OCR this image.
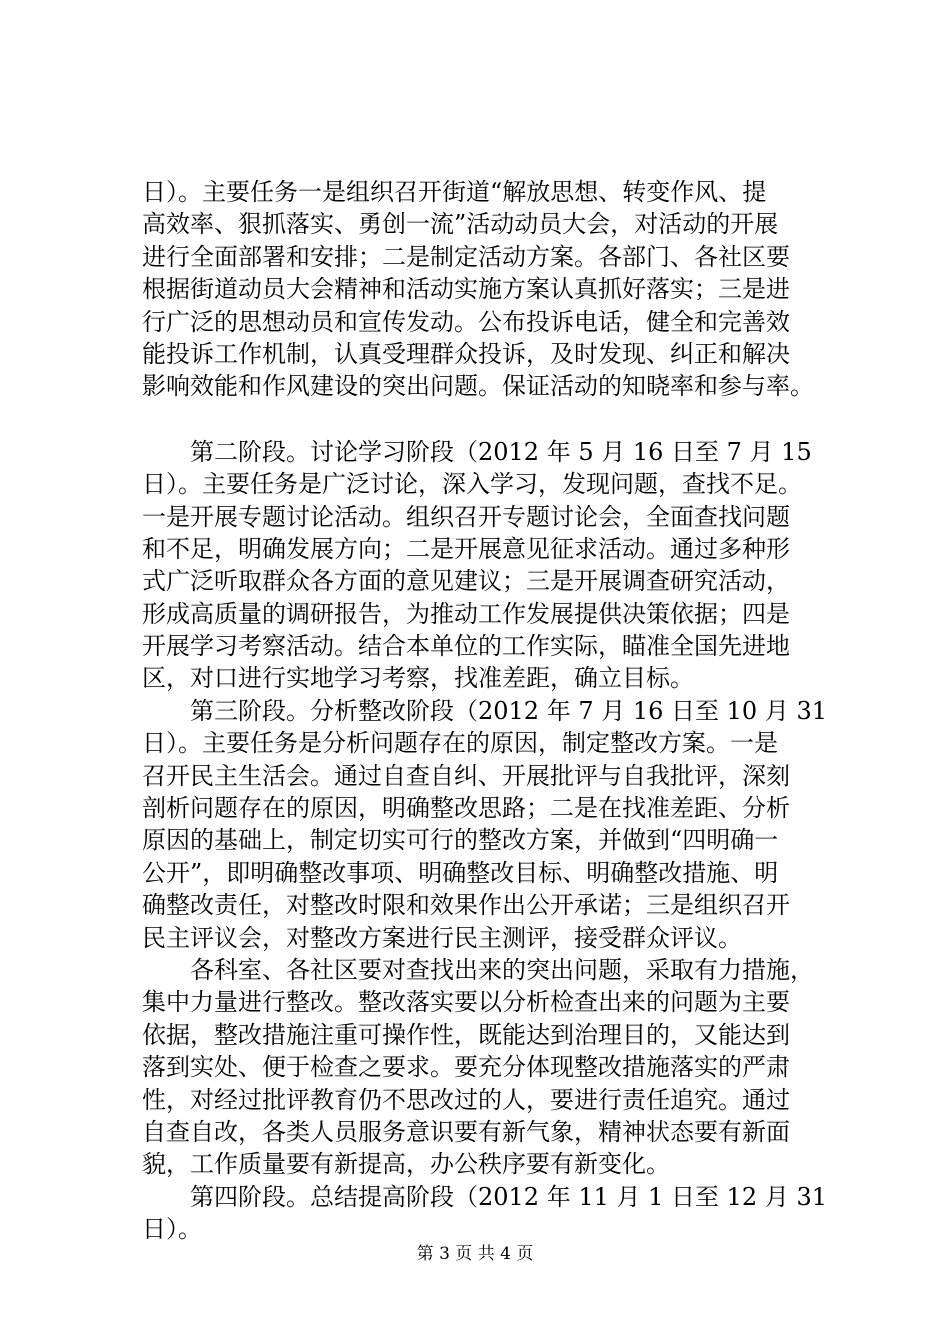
日）。主要任务一是组织召开街道“解放思想、转变作风、提
高效率、狠抓落实、勇创一流”活动动员大会，对活动的开展
进行全面部署和安排；二是制定活动方案。各部门、各社区要
根据街道动员大会精神和活动实施方案认真抓好落实；三是进
行广泛的思想动员和宣传发动。公布投诉电话，健全和完善效
能投诉工作机制，认真受理群众投诉，及时发现、纠正和解决
影响效能和作风建设的突出问题。保证活动的知晓率和参与率。
　　第二阶段。讨论学习阶段（2012 年 5 月 16 日至 7 月 15
日）。主要任务是广泛讨论，深入学习，发现问题，查找不足。
一是开展专题讨论活动。组织召开专题讨论会，全面查找问题
和不足，明确发展方向；二是开展意见征求活动。通过多种形
式广泛听取群众各方面的意见建议；三是开展调查研究活动，
形成高质量的调研报告，为推动工作发展提供决策依据；四是
开展学习考察活动。结合本单位的工作实际，瞄准全国先进地
区，对口进行实地学习考察，找准差距，确立目标。
　　第三阶段。分析整改阶段（2012 年 7 月 16 日至 10 月 31
日）。主要任务是分析问题存在的原因，制定整改方案。一是
召开民主生活会。通过自查自纠、开展批评与自我批评，深刻
剖析问题存在的原因，明确整改思路；二是在找准差距、分析
原因的基础上，制定切实可行的整改方案，并做到“四明确一
公开”，即明确整改事项、明确整改目标、明确整改措施、明
确整改责任，对整改时限和效果作出公开承诺；三是组织召开
民主评议会，对整改方案进行民主测评，接受群众评议。
　　各科室、各社区要对查找出来的突出问题，采取有力措施，
集中力量进行整改。整改落实要以分析检查出来的问题为主要
依据，整改措施注重可操作性，既能达到治理目的，又能达到
落到实处、便于检查之要求。要充分体现整改措施落实的严肃
性，对经过批评教育仍不思改过的人，要进行责任追究。通过
自查自改，各类人员服务意识要有新气象，精神状态要有新面
貌，工作质量要有新提高，办公秩序要有新变化。
　　第四阶段。总结提高阶段（2012 年 11 月 1 日至 12 月 31
日）。
第 3 页 共 4 页
